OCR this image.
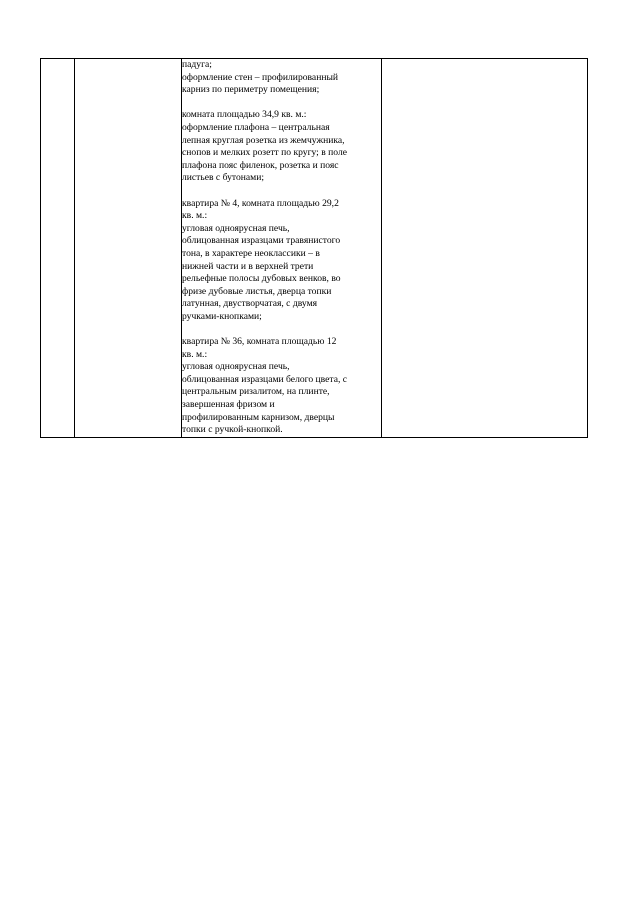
падуга;
оформление стен – профилированный
карниз по периметру помещения;
комната площадью 34,9 кв. м.:
оформление плафона – центральная
лепная круглая розетка из жемчужника,
снопов и мелких розетт по кругу; в поле
плафона пояс филенок, розетка и пояс
листьев с бутонами;
квартира № 4, комната площадью 29,2
кв. м.:
угловая одноярусная печь,
облицованная изразцами травянистого
тона, в характере неоклассики – в
нижней части и в верхней трети
рельефные полосы дубовых венков, во
фризе дубовые листья, дверца топки
латунная, двустворчатая, с двумя
ручками-кнопками;
квартира № 36, комната площадью 12
кв. м.:
угловая одноярусная печь,
облицованная изразцами белого цвета, с
центральным ризалитом, на плинте,
завершенная фризом и
профилированным карнизом, дверцы
топки с ручкой-кнопкой.
